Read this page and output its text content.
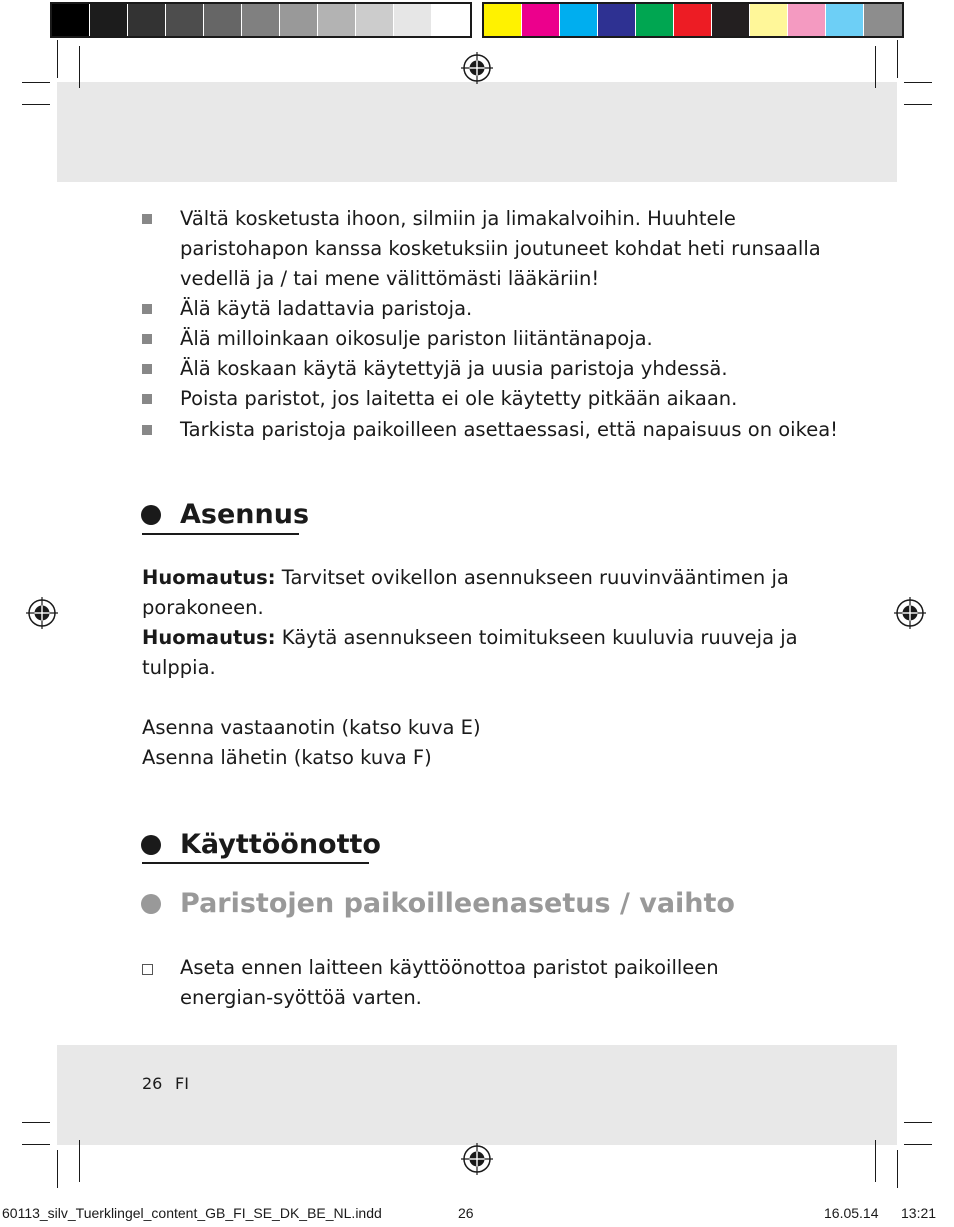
Vältä kosketusta ihoon, silmiin ja limakalvoihin. Huuhtele paristohapon kanssa kosketuksiin joutuneet kohdat heti runsaalla vedellä ja / tai mene välittömästi lääkäriin!
Älä käytä ladattavia paristoja.
Älä milloinkaan oikosulje pariston liitäntänapoja.
Älä koskaan käytä käytettyjä ja uusia paristoja yhdessä.
Poista paristot, jos laitetta ei ole käytetty pitkään aikaan.
Tarkista paristoja paikoilleen asettaessasi, että napaisuus on oikea!
Asennus
Huomautus: Tarvitset ovikellon asennukseen ruuvinvääntimen ja porakoneen.
Huomautus: Käytä asennukseen toimitukseen kuuluvia ruuveja ja tulppia.
Asenna vastaanotin (katso kuva E)
Asenna lähetin (katso kuva F)
Käyttöönotto
Paristojen paikoilleenasetus / vaihto
Aseta ennen laitteen käyttöönottoa paristot paikoilleen energian-syöttöä varten.
26 FI
60113_silv_Tuerklingel_content_GB_FI_SE_DK_BE_NL.indd	26	16.05.14 13:21
